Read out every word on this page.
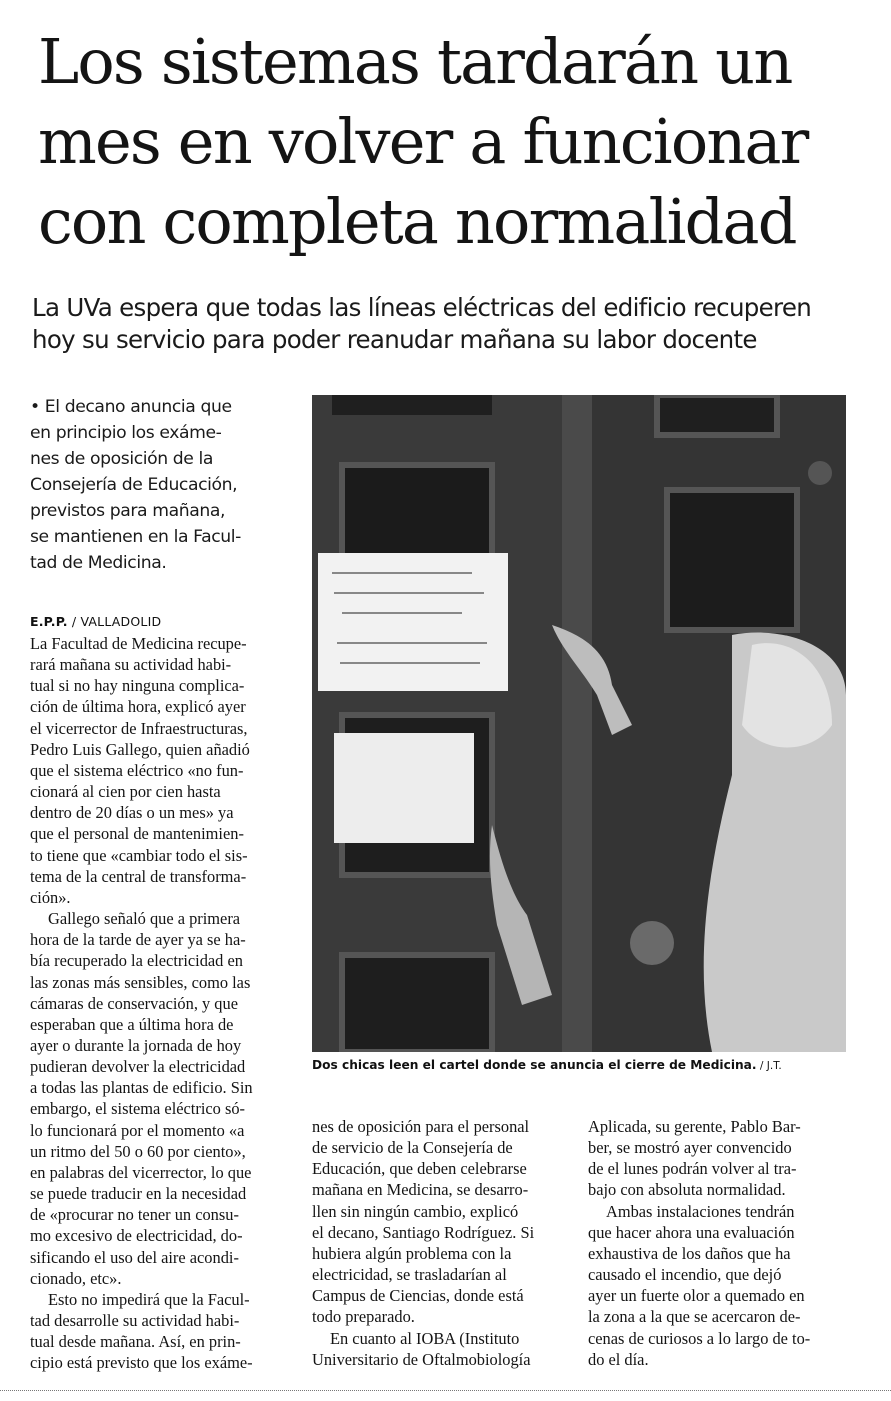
Los sistemas tardarán un
mes en volver a funcionar
con completa normalidad
La UVa espera que todas las líneas eléctricas del edificio recuperen
hoy su servicio para poder reanudar mañana su labor docente
• El decano anuncia que
en principio los exáme-
nes de oposición de la
Consejería de Educación,
previstos para mañana,
se mantienen en la Facul-
tad de Medicina.
E.P.P. / VALLADOLID
La Facultad de Medicina recupe-
rará mañana su actividad habi-
tual si no hay ninguna complica-
ción de última hora, explicó ayer
el vicerrector de Infraestructuras,
Pedro Luis Gallego, quien añadió
que el sistema eléctrico «no fun-
cionará al cien por cien hasta
dentro de 20 días o un mes» ya
que el personal de mantenimien-
to tiene que «cambiar todo el sis-
tema de la central de transforma-
ción».
Gallego señaló que a primera
hora de la tarde de ayer ya se ha-
bía recuperado la electricidad en
las zonas más sensibles, como las
cámaras de conservación, y que
esperaban que a última hora de
ayer o durante la jornada de hoy
pudieran devolver la electricidad
a todas las plantas de edificio. Sin
embargo, el sistema eléctrico só-
lo funcionará por el momento «a
un ritmo del 50 o 60 por ciento»,
en palabras del vicerrector, lo que
se puede traducir en la necesidad
de «procurar no tener un consu-
mo excesivo de electricidad, do-
sificando el uso del aire acondi-
cionado, etc».
Esto no impedirá que la Facul-
tad desarrolle su actividad habi-
tual desde mañana. Así, en prin-
cipio está previsto que los exáme-
Dos chicas leen el cartel donde se anuncia el cierre de Medicina. / J.T.
nes de oposición para el personal
de servicio de la Consejería de
Educación, que deben celebrarse
mañana en Medicina, se desarro-
llen sin ningún cambio, explicó
el decano, Santiago Rodríguez. Si
hubiera algún problema con la
electricidad, se trasladarían al
Campus de Ciencias, donde está
todo preparado.
En cuanto al IOBA (Instituto
Universitario de Oftalmobiología
Aplicada, su gerente, Pablo Bar-
ber, se mostró ayer convencido
de el lunes podrán volver al tra-
bajo con absoluta normalidad.
Ambas instalaciones tendrán
que hacer ahora una evaluación
exhaustiva de los daños que ha
causado el incendio, que dejó
ayer un fuerte olor a quemado en
la zona a la que se acercaron de-
cenas de curiosos a lo largo de to-
do el día.
